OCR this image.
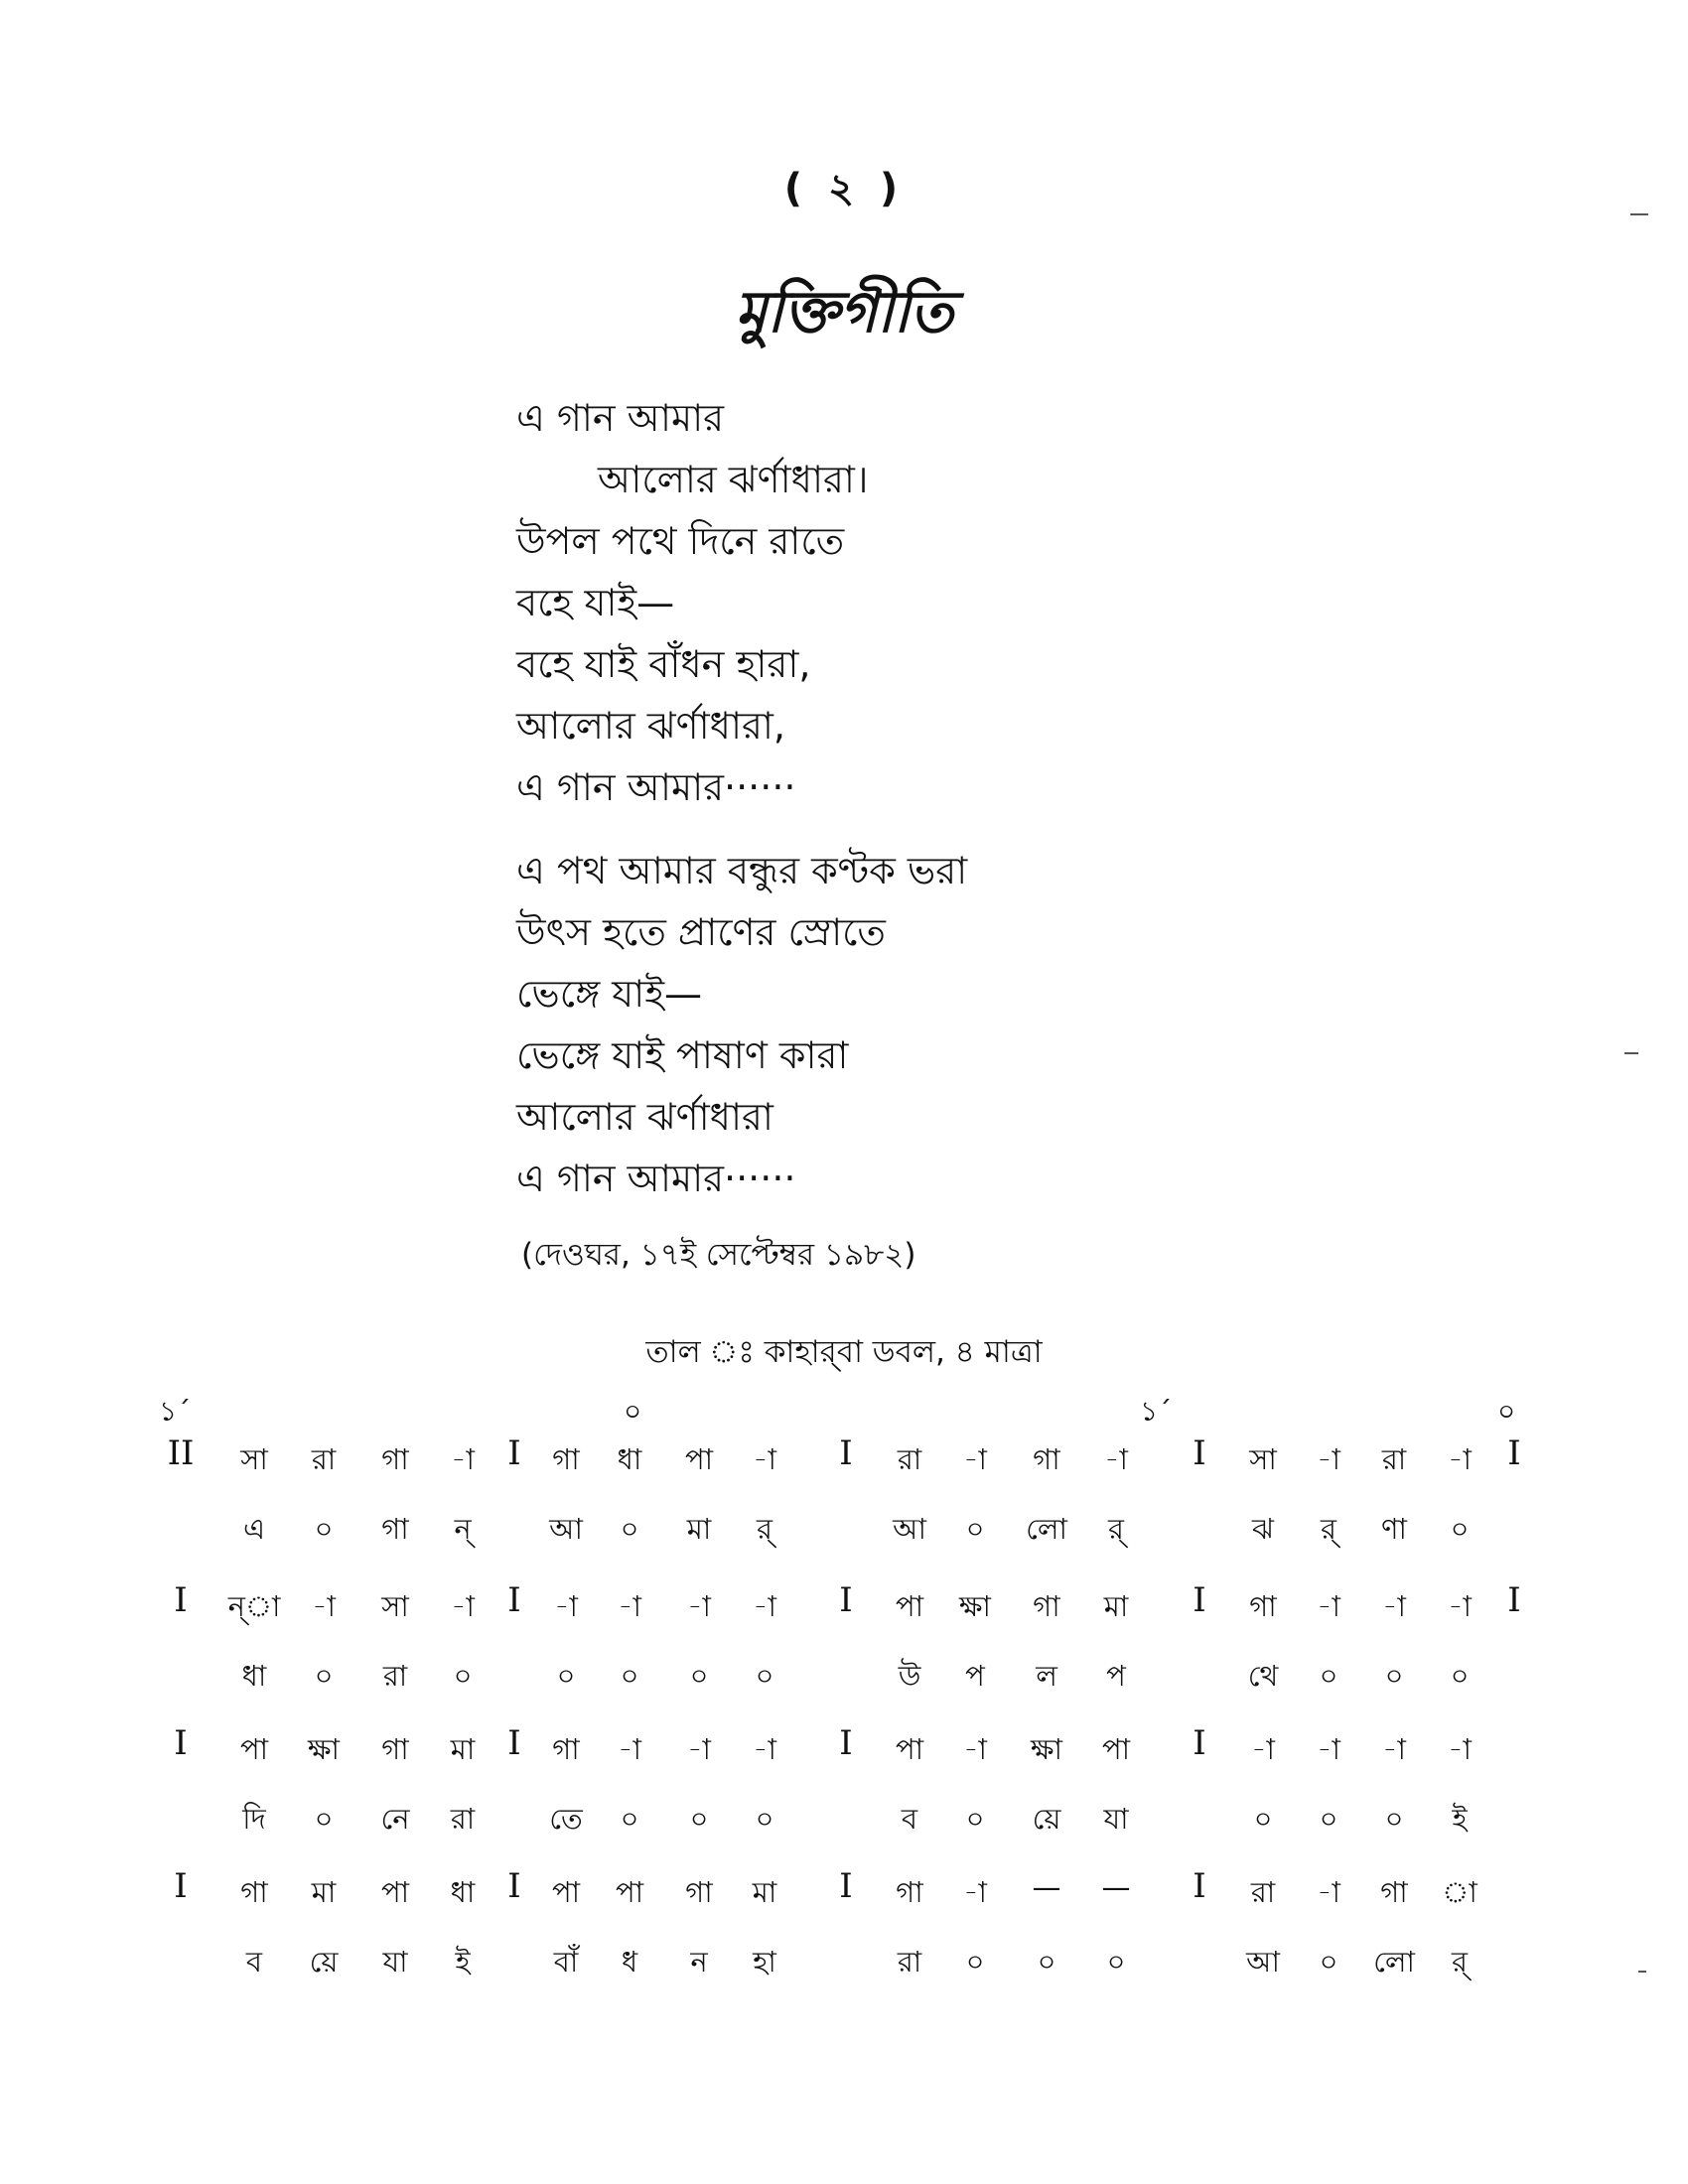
( ২ )
মুক্তিগীতি
এ গান আমার
আলোর ঝর্ণাধারা।
উপল পথে দিনে রাতে
বহে যাই—
বহে যাই বাঁধন হারা,
আলোর ঝর্ণাধারা,
এ গান আমার······
এ পথ আমার বন্ধুর কণ্টক ভরা
উৎস হতে প্রাণের স্রোতে
ভেঙ্গে যাই—
ভেঙ্গে যাই পাষাণ কারা
আলোর ঝর্ণাধারা
এ গান আমার······
(দেওঘর, ১৭ই সেপ্টেম্বর ১৯৮২)
তাল ঃ কাহার্‌বা ডবল, ৪ মাত্রা
১´	০	১´	০
II	সা	রা	গা	-া I	গা	ধা	পা	-া	I	রা	-া	গা	-া	I	সা	-া	রা	-া	I
এ	০	গা	ন্	আ	০	মা	র্	আ	০	লো	র্	ঝ	র্	ণা	০
I	ন্‌া	-া	সা	-া I	-া	-া	-া	-া	I	পা	ক্ষা	গা	মা	I	গা	-া	-া	-া	I
ধা	০	রা	০	০	০	০	০	উ	প	ল	প	থে	০	০	০
I	পা	ক্ষা	গা	মা I	গা	-া	-া	-া	I	পা	-া	ক্ষা	পা	I	-া	-া	-া	-া
দি	০	নে	রা	তে	০	০	০	ব	০	য়ে	যা	০	০	০	ই
I	গা	মা	পা	ধা I	পা	পা	গা	মা	I	গা	-া	—	—	I	রা	-া	গা	া
ব	য়ে	যা	ই	বাঁ	ধ	ন	হা	রা	০	০	০	আ	০	লো	র্
